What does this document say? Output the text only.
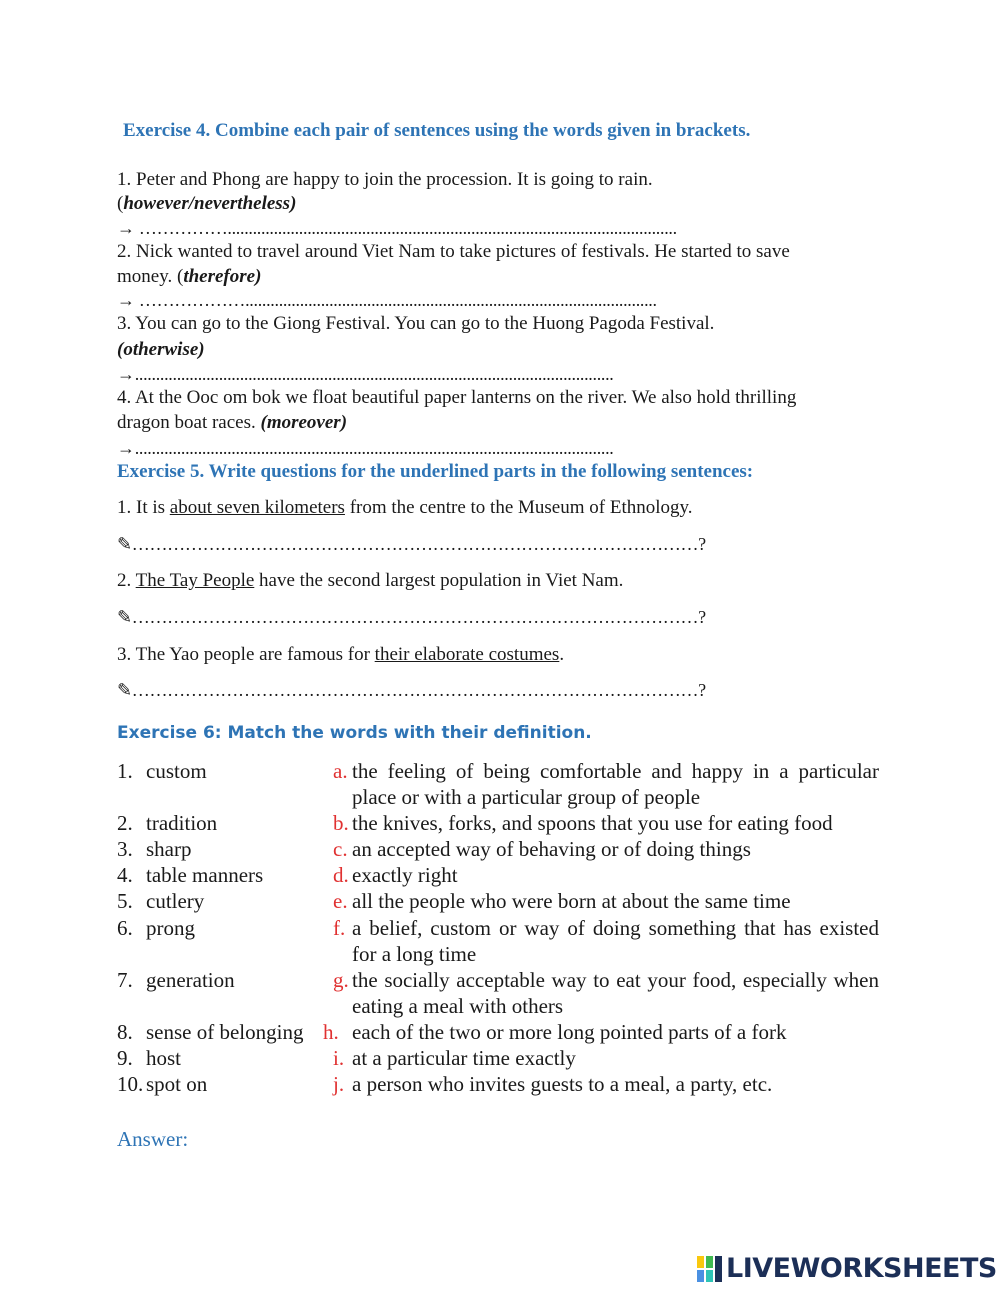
Exercise 4. Combine each pair of sentences using the words given in brackets.
1. Peter and Phong are happy to join the procession. It is going to rain.
(however/nevertheless)
→ ……………...........................................................................................................
2. Nick wanted to travel around Viet Nam to take pictures of festivals. He started to save
money. (therefore)
→ ………………..................................................................................................
3. You can go to the Giong Festival. You can go to the Huong Pagoda Festival.
(otherwise)
→..................................................................................................................
4. At the Ooc om bok we float beautiful paper lanterns on the river. We also hold thrilling
dragon boat races. (moreover)
→..................................................................................................................
Exercise 5. Write questions for the underlined parts in the following sentences:
1. It is about seven kilometers from the centre to the Museum of Ethnology.
✎……………………………………………………………………………………?
2. The Tay People have the second largest population in Viet Nam.
✎……………………………………………………………………………………?
3. The Yao people are famous for their elaborate costumes.
✎……………………………………………………………………………………?
Exercise 6: Match the words with their definition.
1. custom	a. the feeling of being comfortable and happy in a particular place or with a particular group of people
2. tradition	b. the knives, forks, and spoons that you use for eating food
3. sharp	c. an accepted way of behaving or of doing things
4. table manners	d. exactly right
5. cutlery	e. all the people who were born at about the same time
6. prong	f. a belief, custom or way of doing something that has existed for a long time
7. generation	g. the socially acceptable way to eat your food, especially when eating a meal with others
8. sense of belonging h. each of the two or more long pointed parts of a fork
9. host	i. at a particular time exactly
10. spot on	j. a person who invites guests to a meal, a party, etc.
Answer:
LIVEWORKSHEETS
